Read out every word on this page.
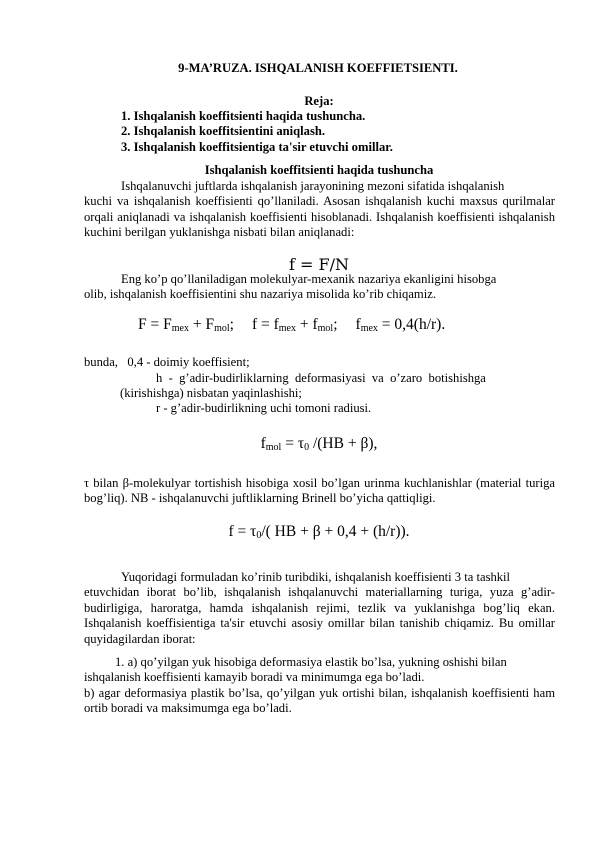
9-MA’RUZA. ISHQALANISH KOEFFIETSIENTI.
Reja:
1. Ishqalanish koeffitsienti haqida tushuncha.
2. Ishqalanish koeffitsientini aniqlash.
3. Ishqalanish koeffitsientiga ta'sir etuvchi omillar.
Ishqalanish koeffitsienti haqida tushuncha
Ishqalanuvchi juftlarda ishqalanish jarayonining mezoni sifatida ishqalanish
kuchi va ishqalanish koeffisienti qo’llaniladi. Asosan ishqalanish kuchi maxsus qurilmalar orqali aniqlanadi va ishqalanish koeffisienti hisoblanadi. Ishqalanish koeffisienti ishqalanish kuchini berilgan yuklanishga nisbati bilan aniqlanadi:
f = F/N
Eng ko’p qo’llaniladigan molekulyar-mexanik nazariya ekanligini hisobga
olib, ishqalanish koeffisientini shu nazariya misolida ko’rib chiqamiz.
$F = F_{mex} + F_{mol}$; $f = f_{mex} + f_{mol}$; $f_{mex} = 0,4(h/r)$.
bunda,   0,4 - doimiy koeffisient;
h  -  g’adir-budirliklarning  deformasiyasi  va  o’zaro  botishishga
(kirishishga) nisbatan yaqinlashishi;
r - g’adir-budirlikning uchi tomoni radiusi.
$f_{mol} = \tau_0$ /(HB + β),
τ bilan β-molekulyar tortishish hisobiga xosil bo’lgan urinma kuchlanishlar (material turiga bog’liq). NB - ishqalanuvchi juftliklarning Brinell bo’yicha qattiqligi.
$f = \tau_0/$( HB + β + 0,4 + (h/r)).
Yuqoridagi formuladan ko’rinib turibdiki, ishqalanish koeffisienti 3 ta tashkil
etuvchidan iborat bo’lib, ishqalanish ishqalanuvchi materiallarning turiga, yuza g’adir-budirligiga, haroratga, hamda ishqalanish rejimi, tezlik va yuklanishga bog’liq ekan. Ishqalanish koeffisientiga ta'sir etuvchi asosiy omillar bilan tanishib chiqamiz. Bu omillar quyidagilardan iborat:
1. a) qo’yilgan yuk hisobiga deformasiya elastik bo’lsa, yukning oshishi bilan
ishqalanish koeffisienti kamayib boradi va minimumga ega bo’ladi.
b) agar deformasiya plastik bo’lsa, qo’yilgan yuk ortishi bilan, ishqalanish koeffisienti ham ortib boradi va maksimumga ega bo’ladi.
